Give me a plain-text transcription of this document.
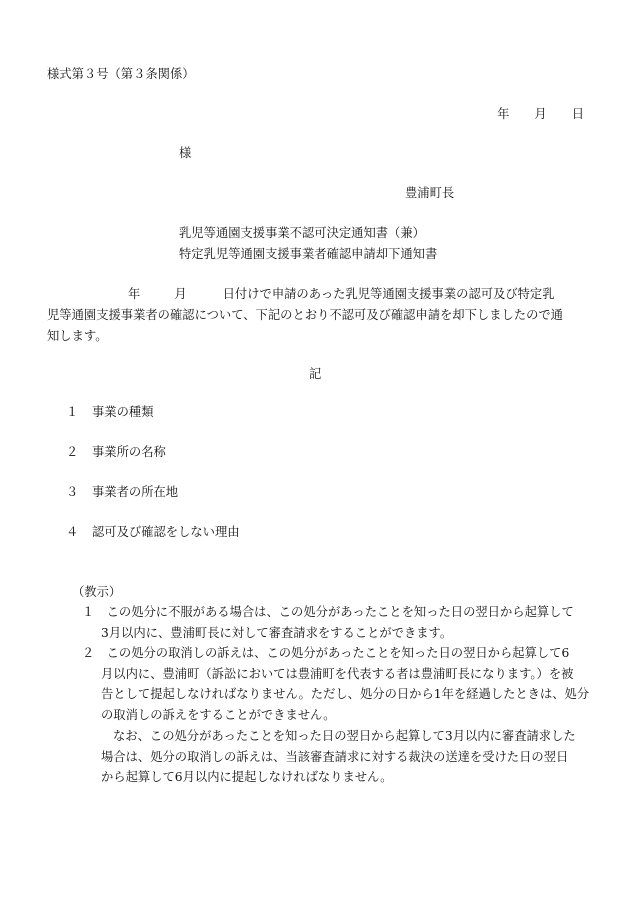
様式第３号（第３条関係）
年 月 日
様
豊浦町長
乳児等通園支援事業不認可決定通知書（兼）
特定乳児等通園支援事業者確認申請却下通知書
年	月	日付けで申請のあった乳児等通園支援事業の認可及び特定乳
児等通園支援事業者の確認について、下記のとおり不認可及び確認申請を却下しましたので通
知します。
記
１ 事業の種類
２ 事業所の名称
３ 事業者の所在地
４ 認可及び確認をしない理由
（教示）
１　この処分に不服がある場合は、この処分があったことを知った日の翌日から起算して
3月以内に、豊浦町長に対して審査請求をすることができます。
２　この処分の取消しの訴えは、この処分があったことを知った日の翌日から起算して6
月以内に、豊浦町（訴訟においては豊浦町を代表する者は豊浦町長になります。）を被
告として提起しなければなりません。ただし、処分の日から1年を経過したときは、処分
の取消しの訴えをすることができません。
なお、この処分があったことを知った日の翌日から起算して3月以内に審査請求した
場合は、処分の取消しの訴えは、当該審査請求に対する裁決の送達を受けた日の翌日
から起算して6月以内に提起しなければなりません。
